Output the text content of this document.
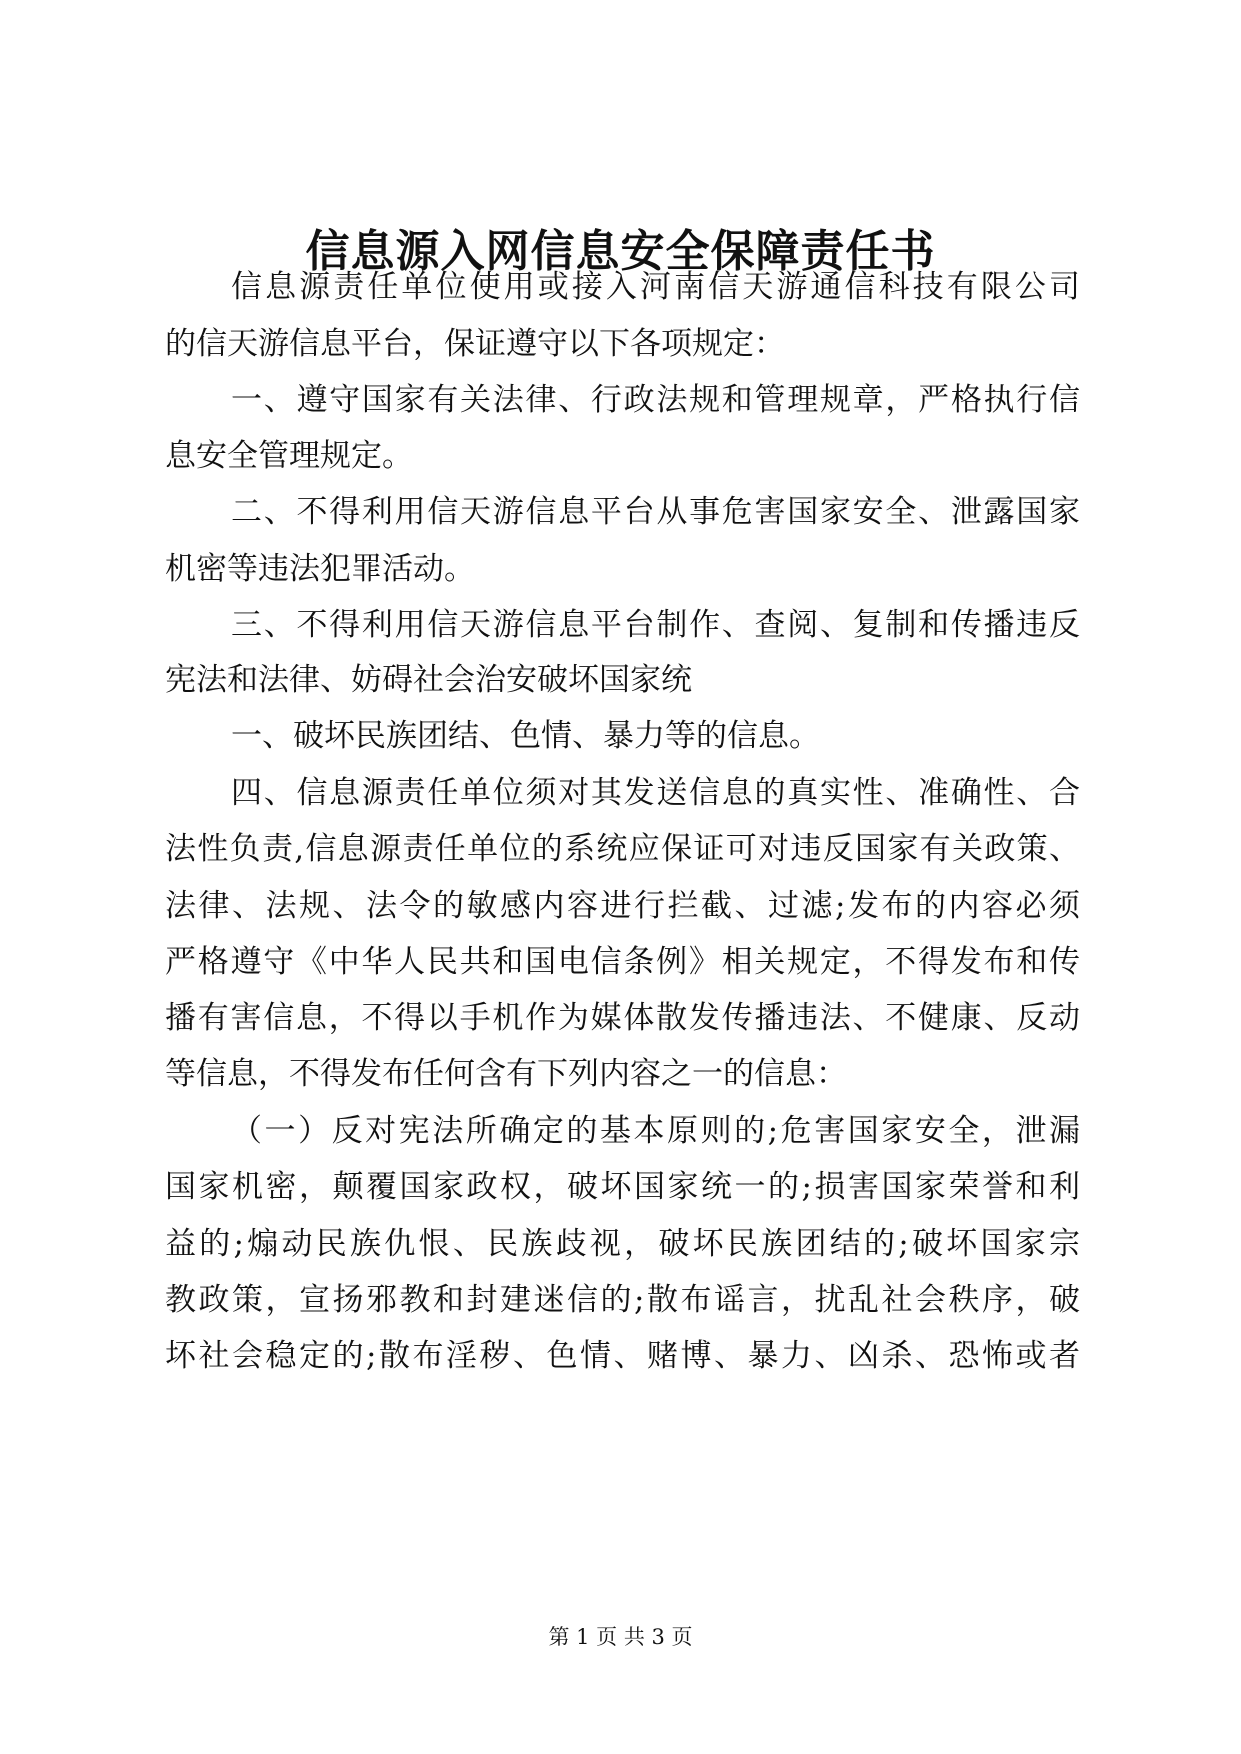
信息源入网信息安全保障责任书

信息源责任单位使用或接入河南信天游通信科技有限公司

的信天游信息平台，保证遵守以下各项规定：

一、遵守国家有关法律、行政法规和管理规章，严格执行信

息安全管理规定。

二、不得利用信天游信息平台从事危害国家安全、泄露国家

机密等违法犯罪活动。

三、不得利用信天游信息平台制作、查阅、复制和传播违反

宪法和法律、妨碍社会治安破坏国家统

一、破坏民族团结、色情、暴力等的信息。

四、信息源责任单位须对其发送信息的真实性、准确性、合

法性负责,信息源责任单位的系统应保证可对违反国家有关政策、

法律、法规、法令的敏感内容进行拦截、过滤;发布的内容必须

严格遵守《中华人民共和国电信条例》相关规定，不得发布和传

播有害信息，不得以手机作为媒体散发传播违法、不健康、反动

等信息，不得发布任何含有下列内容之一的信息：

（一）反对宪法所确定的基本原则的;危害国家安全，泄漏

国家机密，颠覆国家政权，破坏国家统一的;损害国家荣誉和利

益的;煽动民族仇恨、民族歧视，破坏民族团结的;破坏国家宗

教政策，宣扬邪教和封建迷信的;散布谣言，扰乱社会秩序，破

坏社会稳定的;散布淫秽、色情、赌博、暴力、凶杀、恐怖或者

第 1 页 共 3 页
